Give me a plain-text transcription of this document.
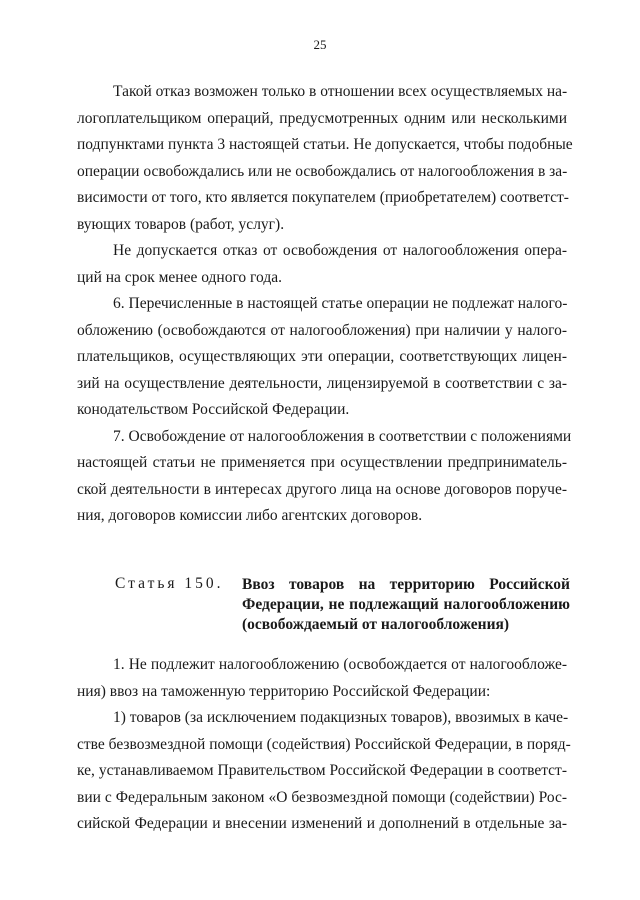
25

Такой отказ возможен только в отношении всех осуществляемых на-
логоплательщиком операций, предусмотренных одним или несколькими
подпунктами пункта 3 настоящей статьи. Не допускается, чтобы подобные
операции освобождались или не освобождались от налогообложения в за-
висимости от того, кто является покупателем (приобретателем) соответст-
вующих товаров (работ, услуг).

Не допускается отказ от освобождения от налогообложения опера-
ций на срок менее одного года.

6. Перечисленные в настоящей статье операции не подлежат налого-
обложению (освобождаются от налогообложения) при наличии у налого-
плательщиков, осуществляющих эти операции, соответствующих лицен-
зий на осуществление деятельности, лицензируемой в соответствии с за-
конодательством Российской Федерации.

7. Освобождение от налогообложения в соответствии с положениями
настоящей статьи не применяется при осуществлении предпринимatель-
ской деятельности в интересах другого лица на основе договоров поруче-
ния, договоров комиссии либо агентских договоров.

Статья 150. Ввоз товаров на территорию Российской
Федерации, не подлежащий налогообложению
(освобождаемый от налогообложения)

1. Не подлежит налогообложению (освобождается от налогообложе-
ния) ввоз на таможенную территорию Российской Федерации:

1) товаров (за исключением подакцизных товаров), ввозимых в каче-
стве безвозмездной помощи (содействия) Российской Федерации, в поряд-
ке, устанавливаемом Правительством Российской Федерации в соответст-
вии с Федеральным законом «О безвозмездной помощи (содействии) Рос-
сийской Федерации и внесении изменений и дополнений в отдельные за-
